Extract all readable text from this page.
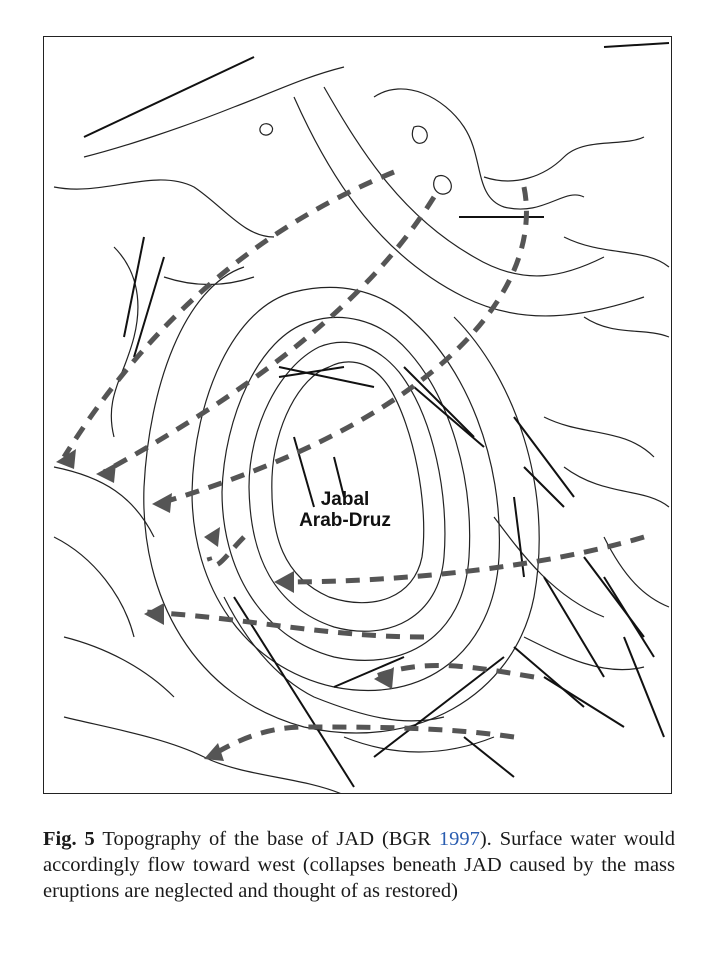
Jabal
Arab-Druz
Fig. 5 Topography of the base of JAD (BGR 1997). Surface water would accordingly flow toward west (collapses beneath JAD caused by the mass eruptions are neglected and thought of as restored)
